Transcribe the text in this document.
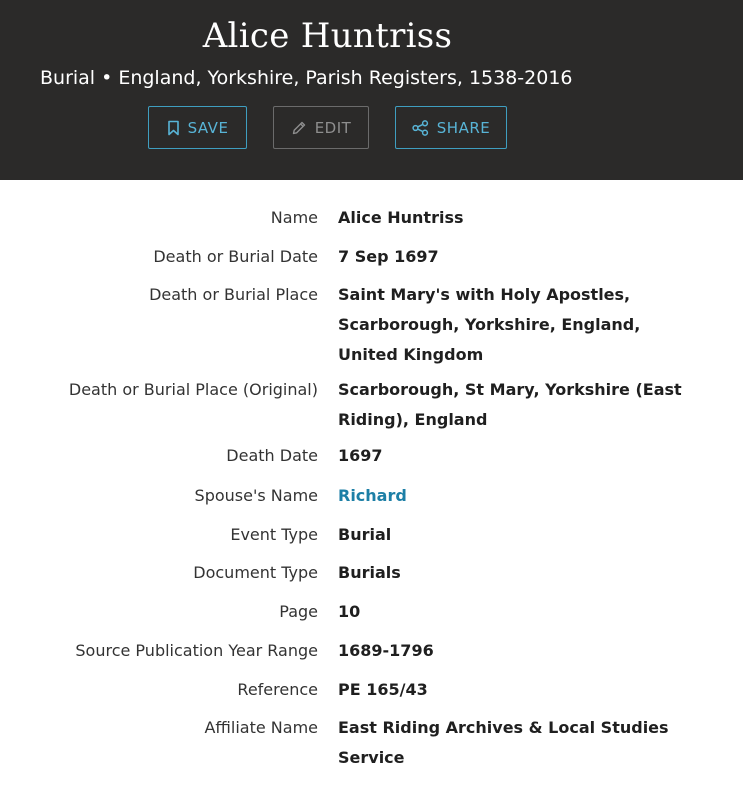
Alice Huntriss
Burial • England, Yorkshire, Parish Registers, 1538-2016
SAVE	EDIT	SHARE
Name Alice Huntriss
Death or Burial Date 7 Sep 1697
Death or Burial Place Saint Mary's with Holy Apostles, Scarborough, Yorkshire, England, United Kingdom
Death or Burial Place (Original) Scarborough, St Mary, Yorkshire (East Riding), England
Death Date 1697
Spouse's Name Richard
Event Type Burial
Document Type Burials
Page 10
Source Publication Year Range 1689-1796
Reference PE 165/43
Affiliate Name East Riding Archives & Local Studies Service
